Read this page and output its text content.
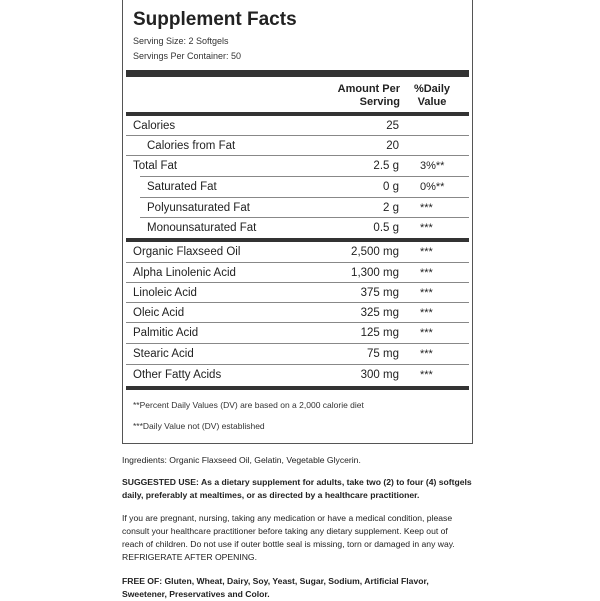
Supplement Facts
Serving Size: 2 Softgels
Servings Per Container: 50
Amount Per
Serving
%Daily
Value
Calories	25
Calories from Fat	20
Total Fat	2.5 g 3%**
Saturated Fat	0 g 0%**
Polyunsaturated Fat	2 g ***
Monounsaturated Fat	0.5 g ***
Organic Flaxseed Oil	2,500 mg ***
Alpha Linolenic Acid	1,300 mg ***
Linoleic Acid	375 mg ***
Oleic Acid	325 mg ***
Palmitic Acid	125 mg ***
Stearic Acid	75 mg ***
Other Fatty Acids	300 mg ***
**Percent Daily Values (DV) are based on a 2,000 calorie diet
***Daily Value not (DV) established
Ingredients: Organic Flaxseed Oil, Gelatin, Vegetable Glycerin.
SUGGESTED USE: As a dietary supplement for adults, take two (2) to four (4) softgels daily, preferably at mealtimes, or as directed by a healthcare practitioner.
If you are pregnant, nursing, taking any medication or have a medical condition, please
consult your healthcare practitioner before taking any dietary supplement. Keep out of
reach of children. Do not use if outer bottle seal is missing, torn or damaged in any way.
REFRIGERATE AFTER OPENING.
FREE OF: Gluten, Wheat, Dairy, Soy, Yeast, Sugar, Sodium, Artificial Flavor, Sweetener, Preservatives and Color.
